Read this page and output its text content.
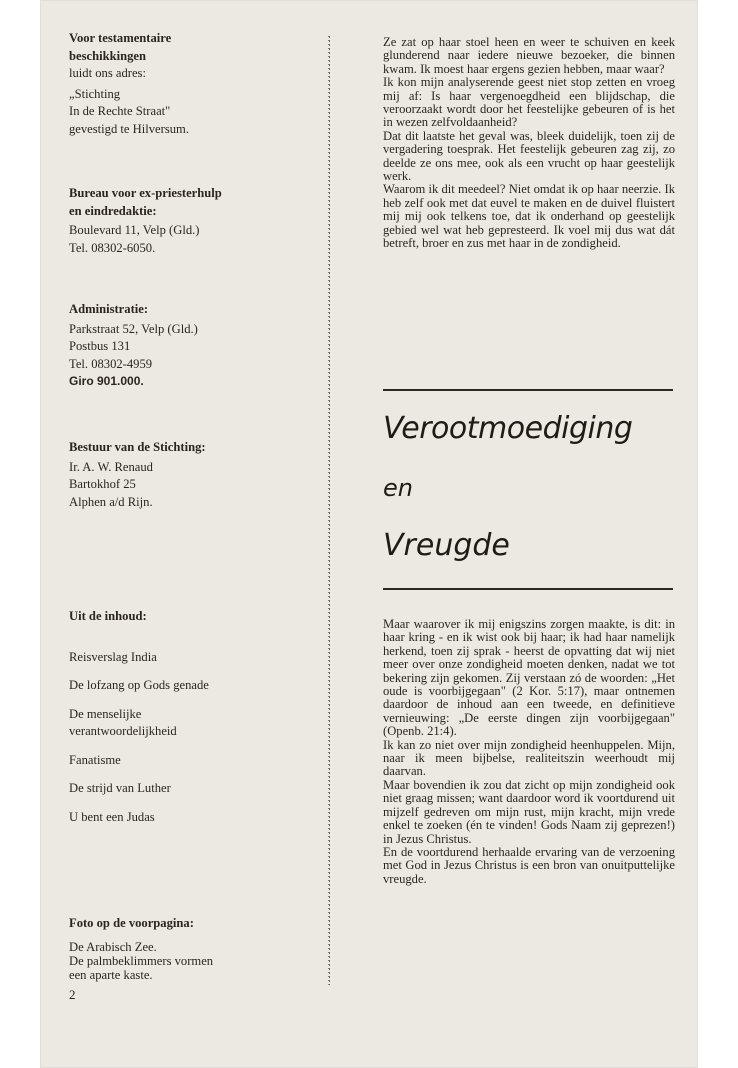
Voor testamentaire
beschikkingen
luidt ons adres:
„Stichting
In de Rechte Straat"
gevestigd te Hilversum.
Bureau voor ex-priesterhulp
en eindredaktie:
Boulevard 11, Velp (Gld.)
Tel. 08302-6050.
Administratie:
Parkstraat 52, Velp (Gld.)
Postbus 131
Tel. 08302-4959
Giro 901.000.
Bestuur van de Stichting:
Ir. A. W. Renaud
Bartokhof 25
Alphen a/d Rijn.
Uit de inhoud:
Reisverslag India
De lofzang op Gods genade
De menselijke verantwoordelijkheid
Fanatisme
De strijd van Luther
U bent een Judas
Foto op de voorpagina:
De Arabisch Zee.
De palmbeklimmers vormen
een aparte kaste.
2

Ze zat op haar stoel heen en weer te schuiven en keek glunderend naar iedere nieuwe bezoeker, die binnen kwam. Ik moest haar ergens gezien hebben, maar waar?

Ik kon mijn analyserende geest niet stop zetten en vroeg mij af: Is haar vergenoegdheid een blijdschap, die veroorzaakt wordt door het feestelijke gebeuren of is het in wezen zelfvoldaanheid?

Dat dit laatste het geval was, bleek duidelijk, toen zij de vergadering toesprak. Het feestelijk gebeuren zag zij, zo deelde ze ons mee, ook als een vrucht op haar geestelijk werk.

Waarom ik dit meedeel? Niet omdat ik op haar neerzie. Ik heb zelf ook met dat euvel te maken en de duivel fluistert mij mij ook telkens toe, dat ik onderhand op geestelijk gebied wel wat heb gepresteerd. Ik voel mij dus wat dát betreft, broer en zus met haar in de zondigheid.

Verootmoediging
en
Vreugde

Maar waarover ik mij enigszins zorgen maakte, is dit: in haar kring - en ik wist ook bij haar; ik had haar namelijk herkend, toen zij sprak - heerst de opvatting dat wij niet meer over onze zondigheid moeten denken, nadat we tot bekering zijn gekomen. Zij verstaan zó de woorden: „Het oude is voorbijgegaan" (2 Kor. 5:17), maar ontnemen daardoor de inhoud aan een tweede, en definitieve vernieuwing: „De eerste dingen zijn voorbijgegaan" (Openb. 21:4).

Ik kan zo niet over mijn zondigheid heenhuppelen. Mijn, naar ik meen bijbelse, realiteitszin weerhoudt mij daarvan.

Maar bovendien ik zou dat zicht op mijn zondigheid ook niet graag missen; want daardoor word ik voortdurend uit mijzelf gedreven om mijn rust, mijn kracht, mijn vrede enkel te zoeken (én te vinden! Gods Naam zij geprezen!) in Jezus Christus.

En de voortdurend herhaalde ervaring van de verzoening met God in Jezus Christus is een bron van onuitputtelijke vreugde.
